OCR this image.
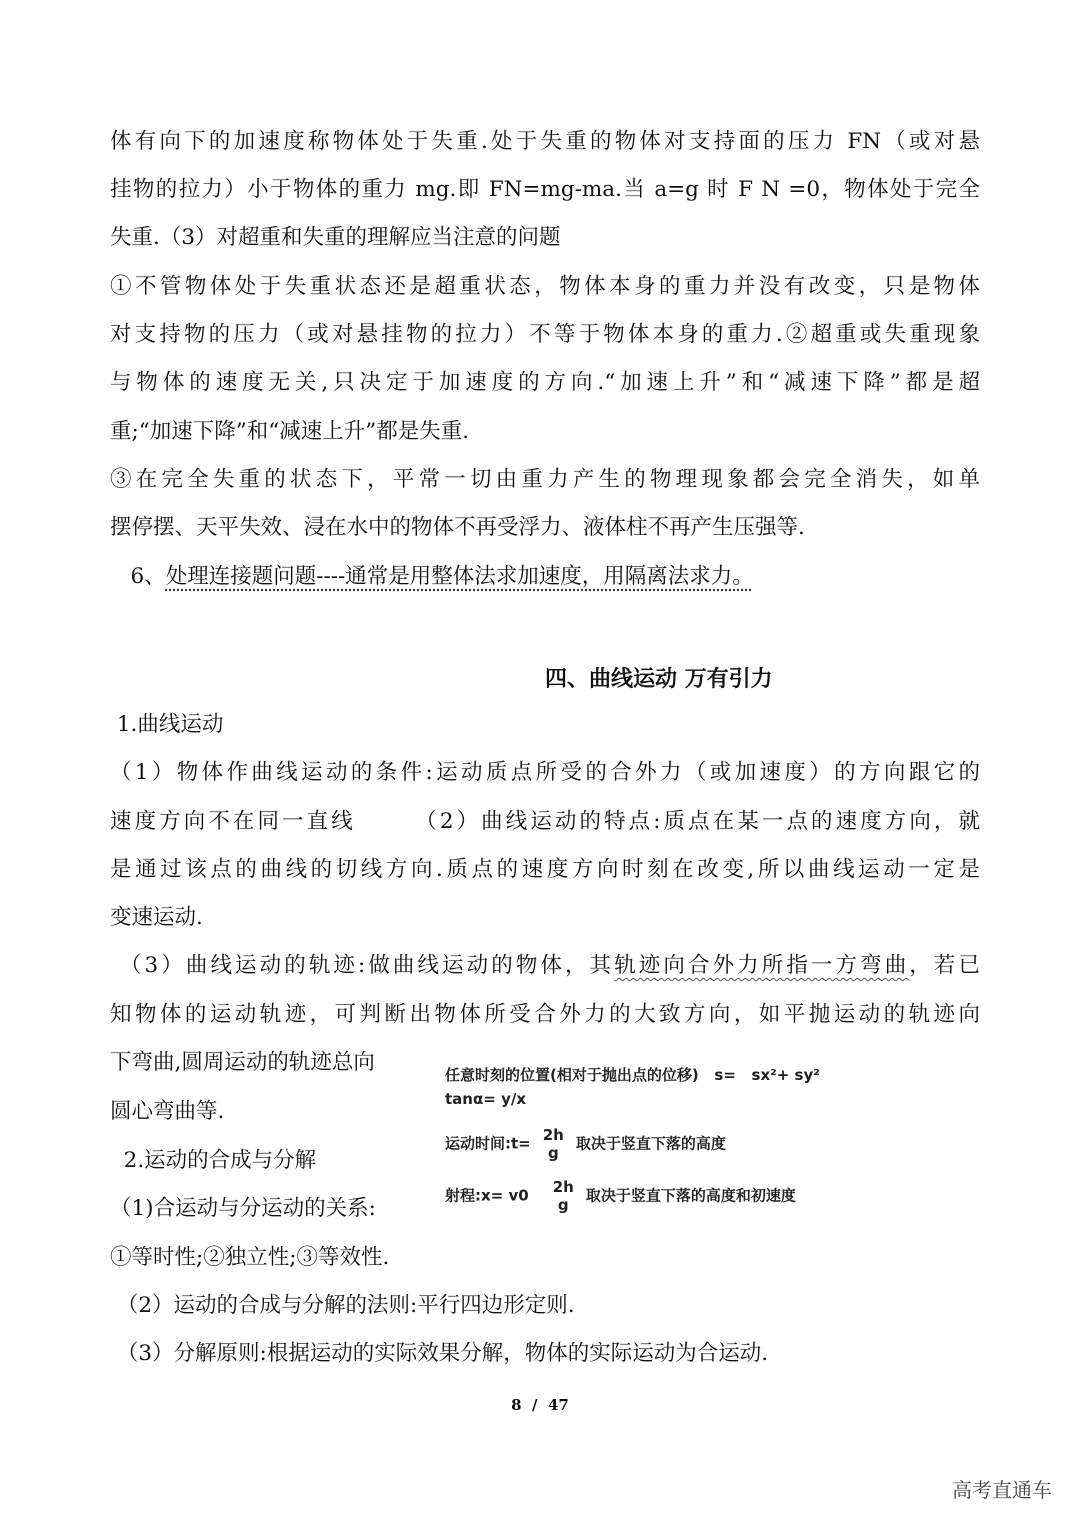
体有向下的加速度称物体处于失重.处于失重的物体对支持面的压力 FN（或对悬
挂物的拉力）小于物体的重力 mg.即 FN=mg-ma.当 a=g 时 F N =0，物体处于完全
失重.（3）对超重和失重的理解应当注意的问题
①不管物体处于失重状态还是超重状态，物体本身的重力并没有改变，只是物体
对支持物的压力（或对悬挂物的拉力）不等于物体本身的重力.②超重或失重现象
与物体的速度无关,只决定于加速度的方向.“加速上升”和“减速下降”都是超
重;“加速下降”和“减速上升”都是失重.
③在完全失重的状态下，平常一切由重力产生的物理现象都会完全消失，如单
摆停摆、天平失效、浸在水中的物体不再受浮力、液体柱不再产生压强等.
6、处理连接题问题----通常是用整体法求加速度，用隔离法求力。
四、曲线运动 万有引力
1.曲线运动
（1）物体作曲线运动的条件:运动质点所受的合外力（或加速度）的方向跟它的
速度方向不在同一直线      （2）曲线运动的特点:质点在某一点的速度方向，就
是通过该点的曲线的切线方向.质点的速度方向时刻在改变,所以曲线运动一定是
变速运动.
（3）曲线运动的轨迹:做曲线运动的物体，其轨迹向合外力所指一方弯曲，若已
知物体的运动轨迹，可判断出物体所受合外力的大致方向，如平抛运动的轨迹向
下弯曲,圆周运动的轨迹总向
圆心弯曲等.
2.运动的合成与分解
（1)合运动与分运动的关系:
①等时性;②独立性;③等效性.
（2）运动的合成与分解的法则:平行四边形定则.
（3）分解原则:根据运动的实际效果分解，物体的实际运动为合运动.
任意时刻的位置(相对于抛出点的位移) s=   sx²+ sy²
tanα= y/x
运动时间:t= 2h
g
取决于竖直下落的高度
射程:x= v0 2h
g
取决于竖直下落的高度和初速度
8  /  47
高考直通车
